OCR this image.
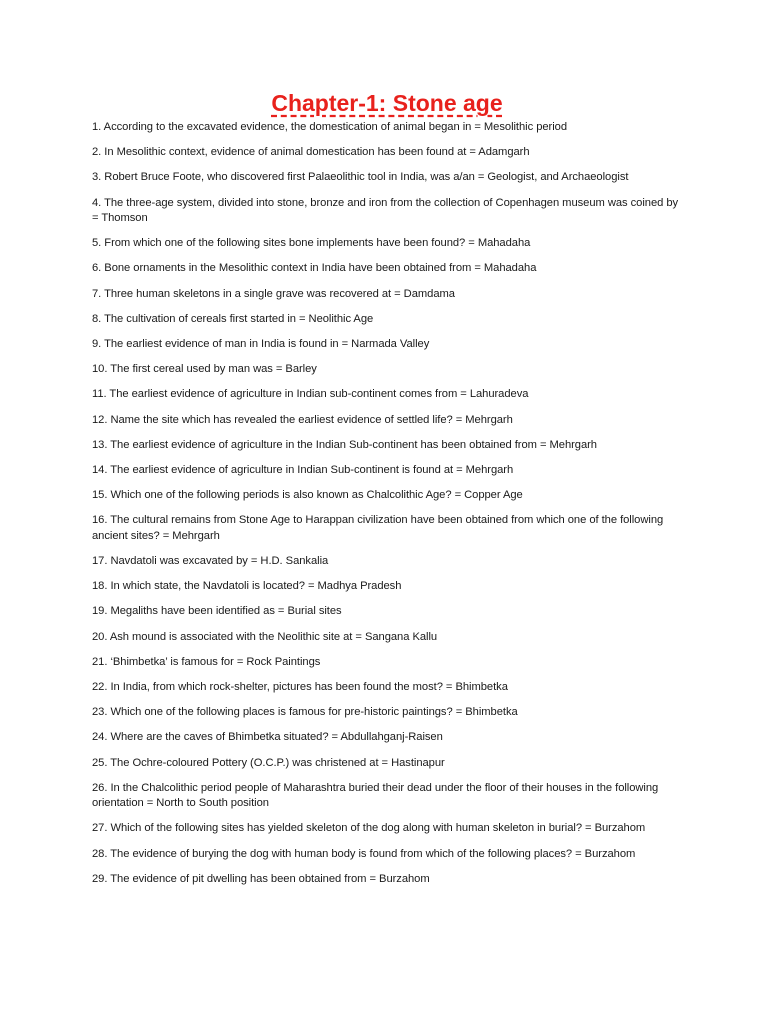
Chapter-1: Stone age
1. According to the excavated evidence, the domestication of animal began in = Mesolithic period
2. In Mesolithic context, evidence of animal domestication has been found at = Adamgarh
3. Robert Bruce Foote, who discovered first Palaeolithic tool in India, was a/an = Geologist, and Archaeologist
4. The three-age system, divided into stone, bronze and iron from the collection of Copenhagen museum was coined by = Thomson
5. From which one of the following sites bone implements have been found? = Mahadaha
6. Bone ornaments in the Mesolithic context in India have been obtained from = Mahadaha
7. Three human skeletons in a single grave was recovered at = Damdama
8. The cultivation of cereals first started in = Neolithic Age
9. The earliest evidence of man in India is found in = Narmada Valley
10. The first cereal used by man was = Barley
11. The earliest evidence of agriculture in Indian sub-continent comes from = Lahuradeva
12. Name the site which has revealed the earliest evidence of settled life? = Mehrgarh
13. The earliest evidence of agriculture in the Indian Sub-continent has been obtained from = Mehrgarh
14. The earliest evidence of agriculture in Indian Sub-continent is found at = Mehrgarh
15. Which one of the following periods is also known as Chalcolithic Age? = Copper Age
16. The cultural remains from Stone Age to Harappan civilization have been obtained from which one of the following ancient sites? = Mehrgarh
17. Navdatoli was excavated by = H.D. Sankalia
18. In which state, the Navdatoli is located? = Madhya Pradesh
19. Megaliths have been identified as = Burial sites
20. Ash mound is associated with the Neolithic site at = Sangana Kallu
21. ‘Bhimbetka’ is famous for = Rock Paintings
22. In India, from which rock-shelter, pictures has been found the most? = Bhimbetka
23. Which one of the following places is famous for pre-historic paintings? = Bhimbetka
24. Where are the caves of Bhimbetka situated? = Abdullahganj-Raisen
25. The Ochre-coloured Pottery (O.C.P.) was christened at = Hastinapur
26. In the Chalcolithic period people of Maharashtra buried their dead under the floor of their houses in the following orientation = North to South position
27. Which of the following sites has yielded skeleton of the dog along with human skeleton in burial? = Burzahom
28. The evidence of burying the dog with human body is found from which of the following places? = Burzahom
29. The evidence of pit dwelling has been obtained from = Burzahom
